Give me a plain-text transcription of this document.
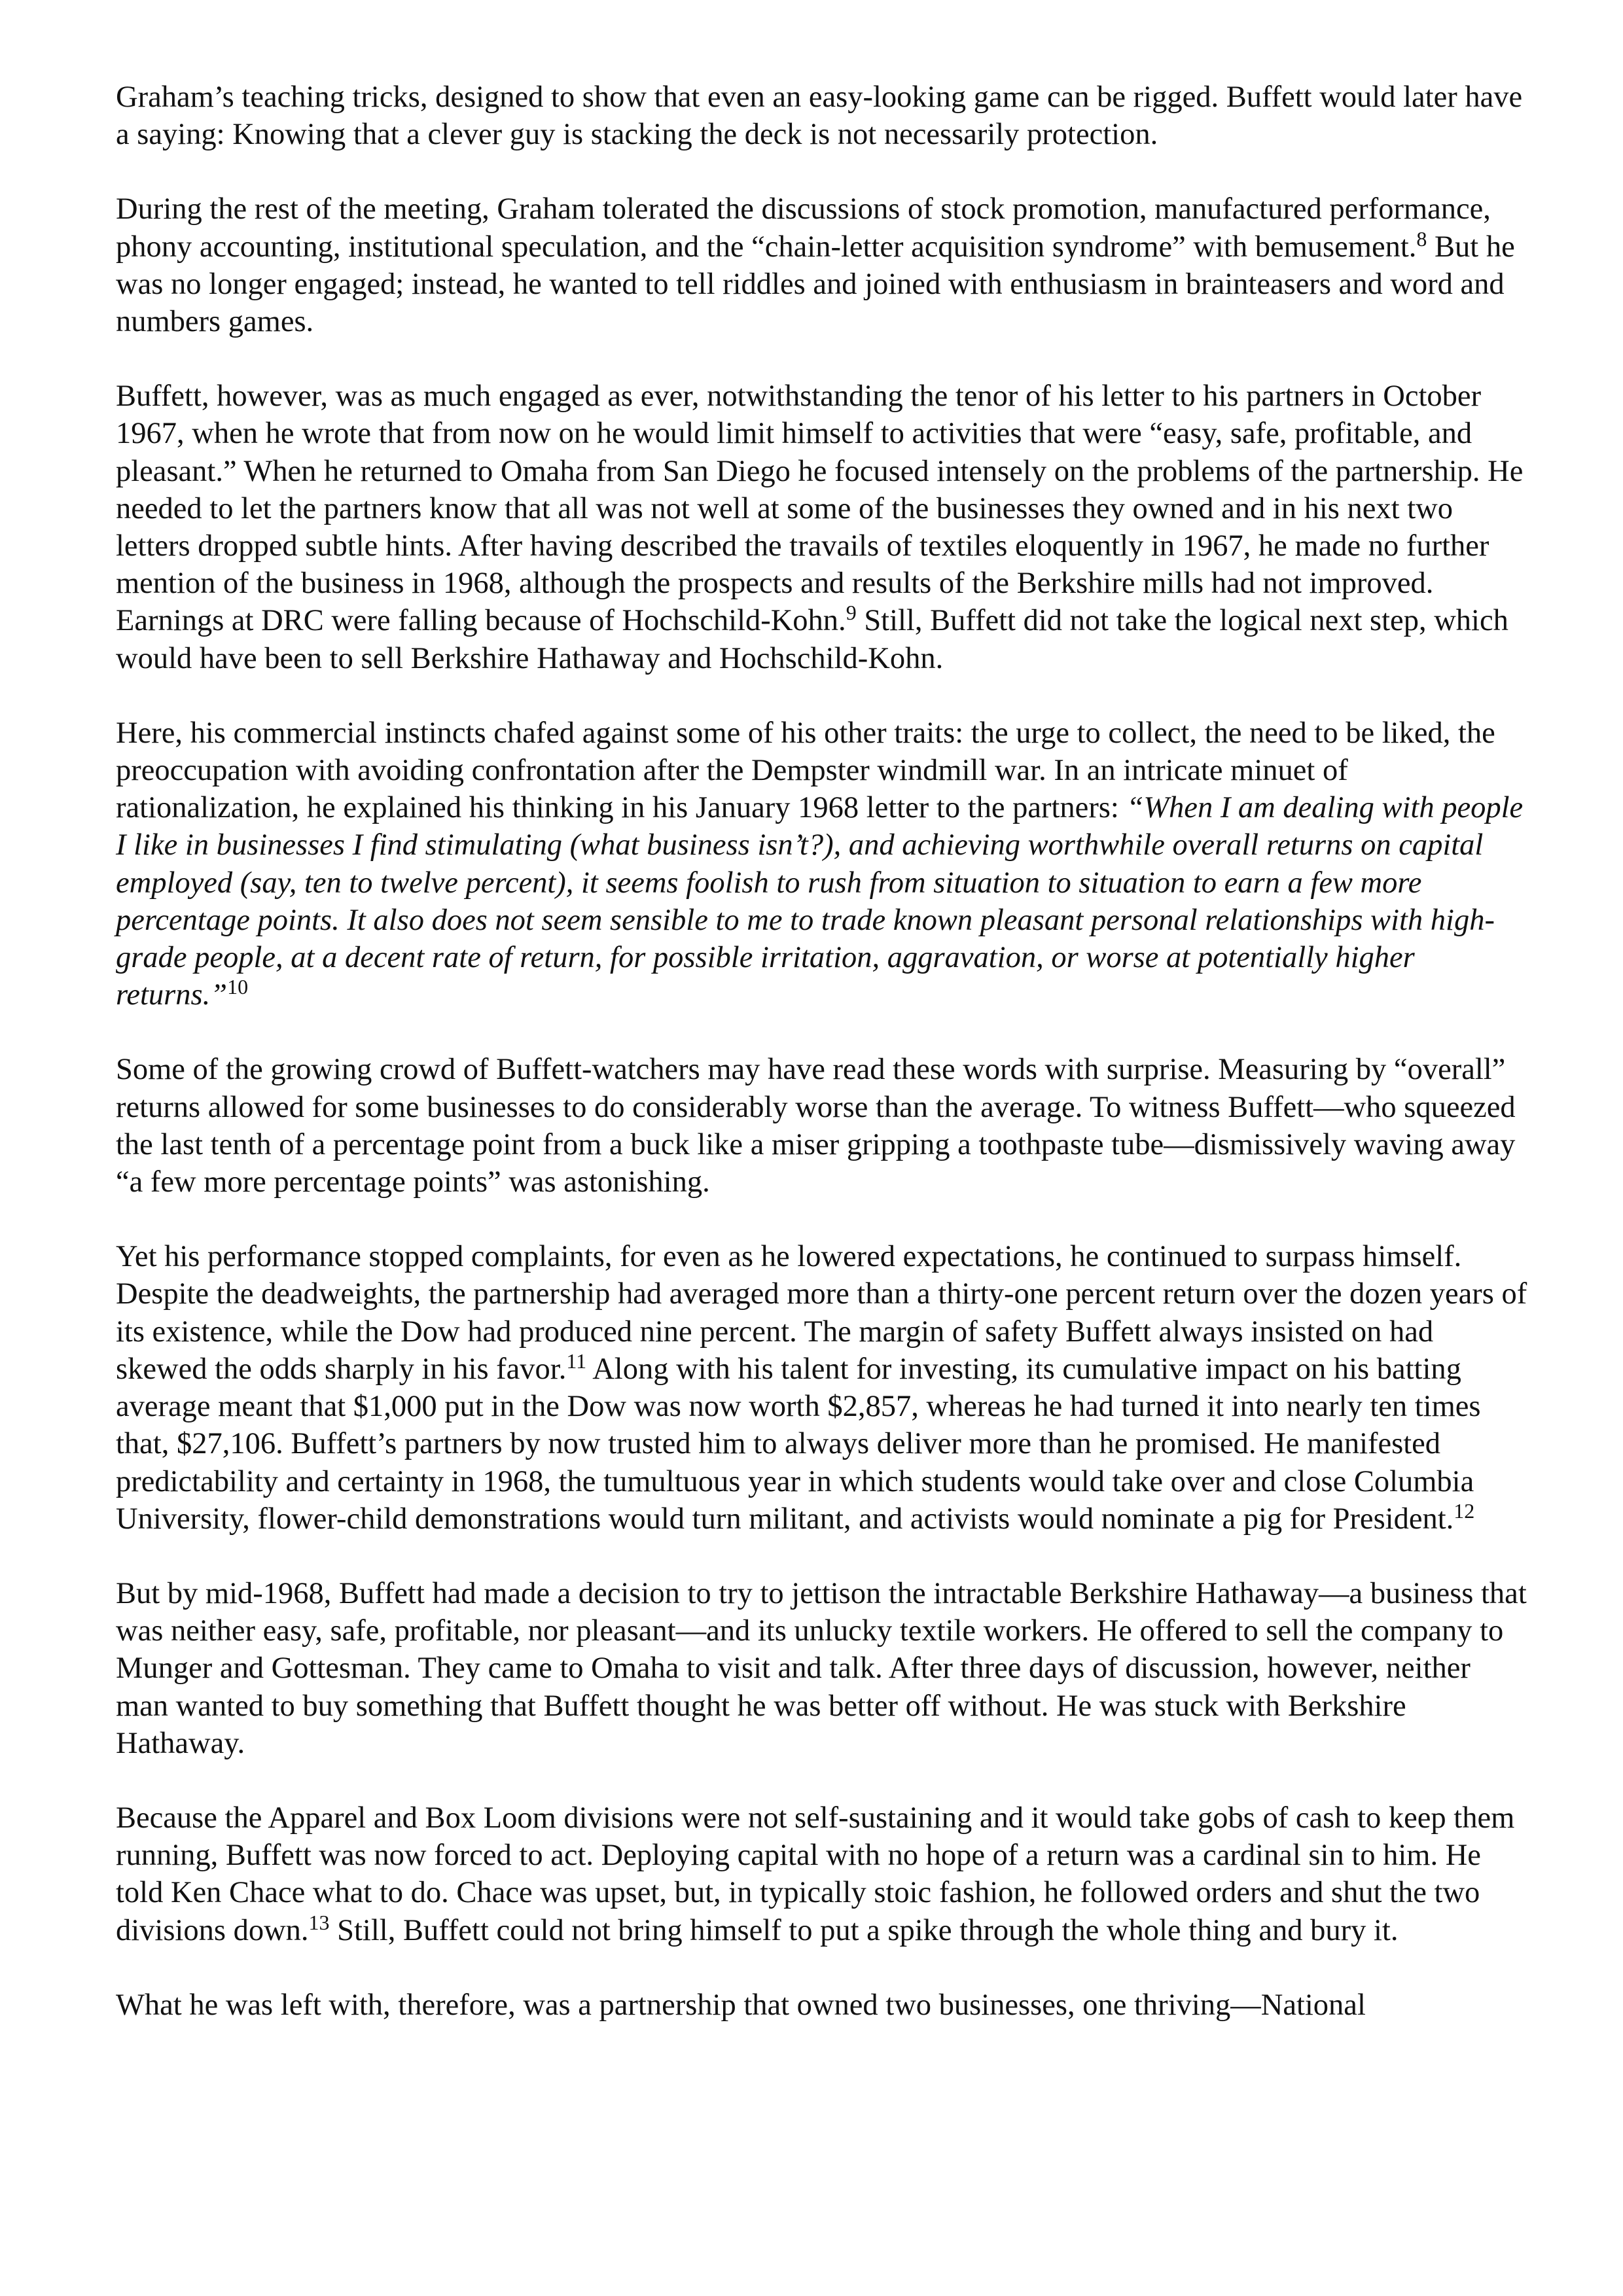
Graham’s teaching tricks, designed to show that even an easy-looking game can be rigged. Buffett would later have a saying: Knowing that a clever guy is stacking the deck is not necessarily protection.

During the rest of the meeting, Graham tolerated the discussions of stock promotion, manufactured performance, phony accounting, institutional speculation, and the “chain-letter acquisition syndrome” with bemusement.$^8$ But he was no longer engaged; instead, he wanted to tell riddles and joined with enthusiasm in brainteasers and word and numbers games.

Buffett, however, was as much engaged as ever, notwithstanding the tenor of his letter to his partners in October 1967, when he wrote that from now on he would limit himself to activities that were “easy, safe, profitable, and pleasant.” When he returned to Omaha from San Diego he focused intensely on the problems of the partnership. He needed to let the partners know that all was not well at some of the businesses they owned and in his next two letters dropped subtle hints. After having described the travails of textiles eloquently in 1967, he made no further mention of the business in 1968, although the prospects and results of the Berkshire mills had not improved. Earnings at DRC were falling because of Hochschild-Kohn.$^9$ Still, Buffett did not take the logical next step, which would have been to sell Berkshire Hathaway and Hochschild-Kohn.

Here, his commercial instincts chafed against some of his other traits: the urge to collect, the need to be liked, the preoccupation with avoiding confrontation after the Dempster windmill war. In an intricate minuet of rationalization, he explained his thinking in his January 1968 letter to the partners: “When I am dealing with people I like in businesses I find stimulating (what business isn’t?), and achieving worthwhile overall returns on capital employed (say, ten to twelve percent), it seems foolish to rush from situation to situation to earn a few more percentage points. It also does not seem sensible to me to trade known pleasant personal relationships with high-grade people, at a decent rate of return, for possible irritation, aggravation, or worse at potentially higher returns.”$^{10}$

Some of the growing crowd of Buffett-watchers may have read these words with surprise. Measuring by “overall” returns allowed for some businesses to do considerably worse than the average. To witness Buffett—who squeezed the last tenth of a percentage point from a buck like a miser gripping a toothpaste tube—dismissively waving away “a few more percentage points” was astonishing.

Yet his performance stopped complaints, for even as he lowered expectations, he continued to surpass himself. Despite the deadweights, the partnership had averaged more than a thirty-one percent return over the dozen years of its existence, while the Dow had produced nine percent. The margin of safety Buffett always insisted on had skewed the odds sharply in his favor.$^{11}$ Along with his talent for investing, its cumulative impact on his batting average meant that $1,000 put in the Dow was now worth $2,857, whereas he had turned it into nearly ten times that, $27,106. Buffett’s partners by now trusted him to always deliver more than he promised. He manifested predictability and certainty in 1968, the tumultuous year in which students would take over and close Columbia University, flower-child demonstrations would turn militant, and activists would nominate a pig for President.$^{12}$

But by mid-1968, Buffett had made a decision to try to jettison the intractable Berkshire Hathaway—a business that was neither easy, safe, profitable, nor pleasant—and its unlucky textile workers. He offered to sell the company to Munger and Gottesman. They came to Omaha to visit and talk. After three days of discussion, however, neither man wanted to buy something that Buffett thought he was better off without. He was stuck with Berkshire Hathaway.

Because the Apparel and Box Loom divisions were not self-sustaining and it would take gobs of cash to keep them running, Buffett was now forced to act. Deploying capital with no hope of a return was a cardinal sin to him. He told Ken Chace what to do. Chace was upset, but, in typically stoic fashion, he followed orders and shut the two divisions down.$^{13}$ Still, Buffett could not bring himself to put a spike through the whole thing and bury it.

What he was left with, therefore, was a partnership that owned two businesses, one thriving—National
